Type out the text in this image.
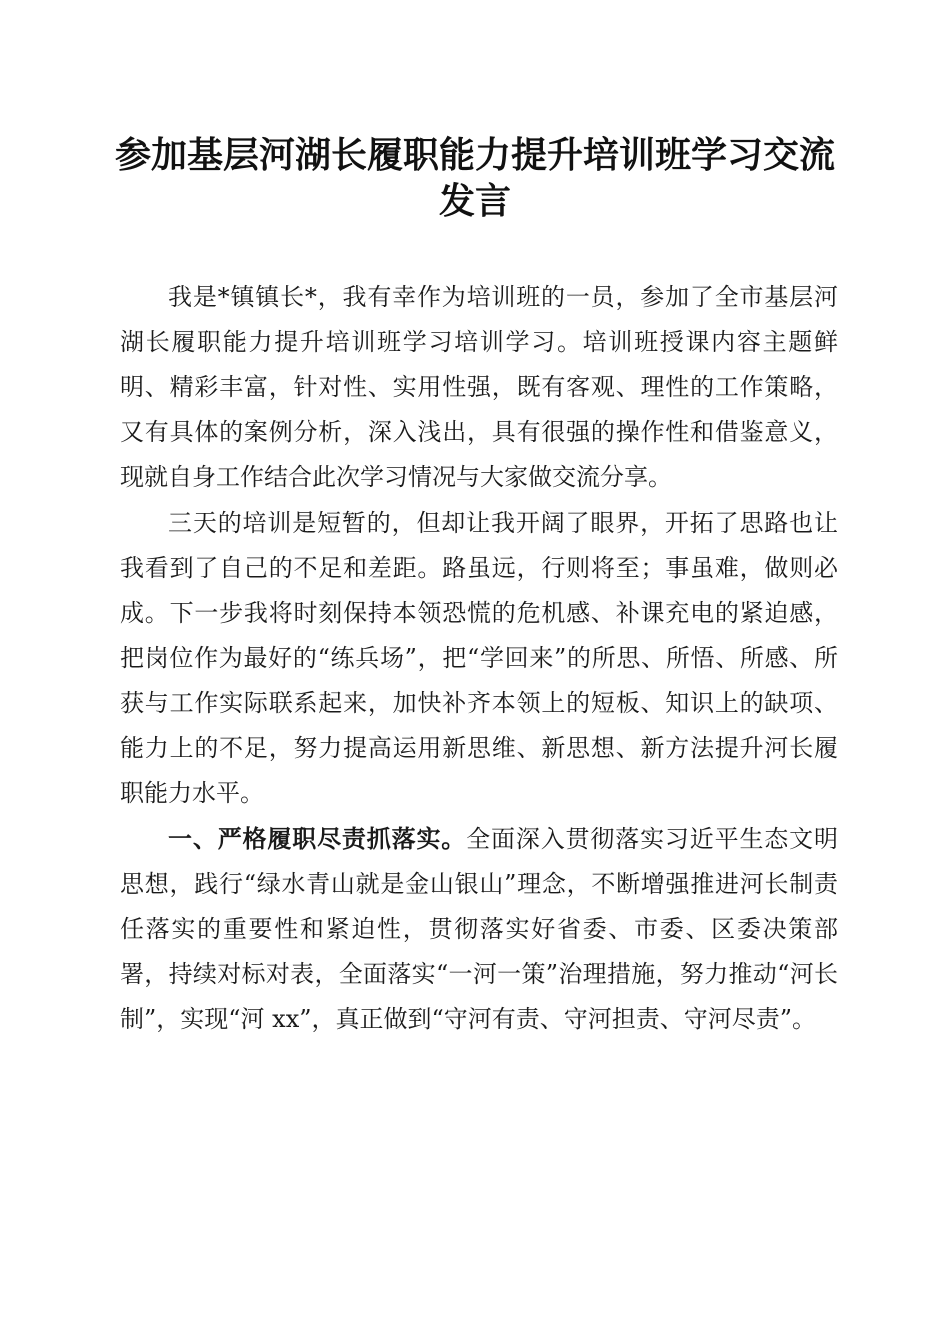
参加基层河湖长履职能力提升培训班学习交流发言

我是*镇镇长*，我有幸作为培训班的一员，参加了全市基层河湖长履职能力提升培训班学习培训学习。培训班授课内容主题鲜明、精彩丰富，针对性、实用性强，既有客观、理性的工作策略，又有具体的案例分析，深入浅出，具有很强的操作性和借鉴意义，现就自身工作结合此次学习情况与大家做交流分享。

三天的培训是短暂的，但却让我开阔了眼界，开拓了思路也让我看到了自己的不足和差距。路虽远，行则将至；事虽难，做则必成。下一步我将时刻保持本领恐慌的危机感、补课充电的紧迫感，把岗位作为最好的“练兵场”，把“学回来”的所思、所悟、所感、所获与工作实际联系起来，加快补齐本领上的短板、知识上的缺项、能力上的不足，努力提高运用新思维、新思想、新方法提升河长履职能力水平。

一、严格履职尽责抓落实。全面深入贯彻落实习近平生态文明思想，践行“绿水青山就是金山银山”理念，不断增强推进河长制责任落实的重要性和紧迫性，贯彻落实好省委、市委、区委决策部署，持续对标对表，全面落实“一河一策”治理措施，努力推动“河长制”，实现“河 xx”，真正做到“守河有责、守河担责、守河尽责”。
